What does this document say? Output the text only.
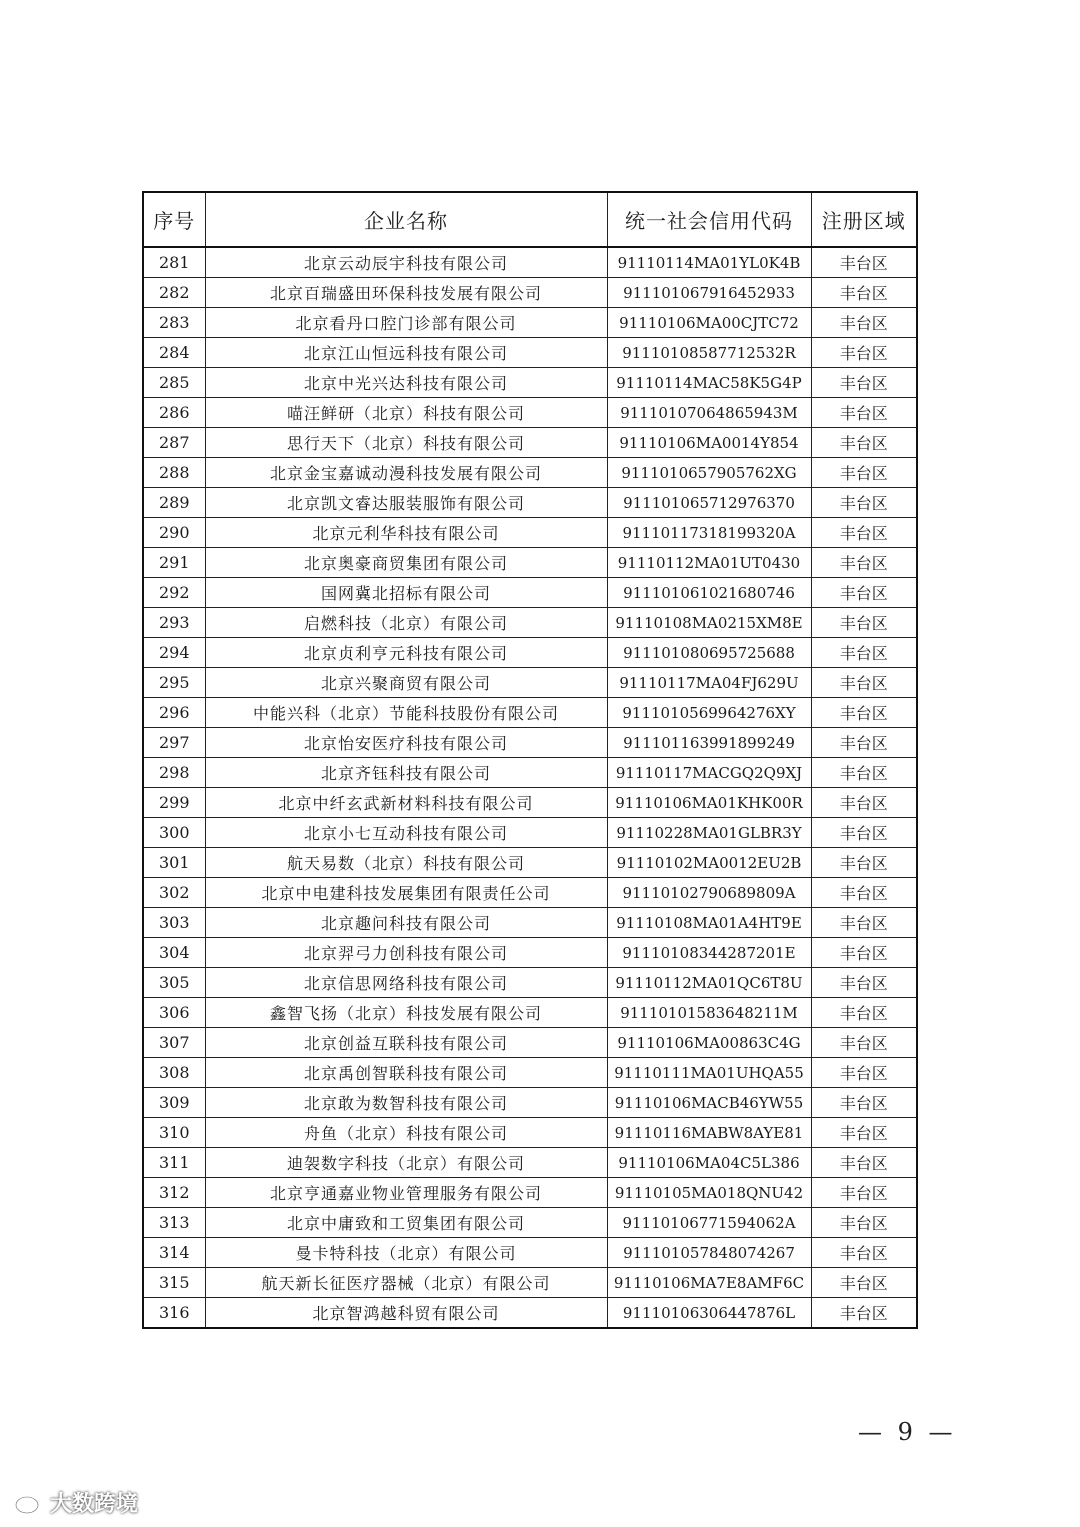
序号	企业名称	统一社会信用代码	注册区域
281	北京云动辰宇科技有限公司	91110114MA01YL0K4B	丰台区
282	北京百瑞盛田环保科技发展有限公司	911101067916452933	丰台区
283	北京看丹口腔门诊部有限公司	91110106MA00CJTC72	丰台区
284	北京江山恒远科技有限公司	91110108587712532R	丰台区
285	北京中光兴达科技有限公司	91110114MAC58K5G4P	丰台区
286	喵汪鲜研（北京）科技有限公司	91110107064865943M	丰台区
287	思行天下（北京）科技有限公司	91110106MA0014Y854	丰台区
288	北京金宝嘉诚动漫科技发展有限公司	9111010657905762XG	丰台区
289	北京凯文睿达服装服饰有限公司	911101065712976370	丰台区
290	北京元利华科技有限公司	91110117318199320A	丰台区
291	北京奥豪商贸集团有限公司	91110112MA01UT0430	丰台区
292	国网冀北招标有限公司	911101061021680746	丰台区
293	启燃科技（北京）有限公司	91110108MA0215XM8E	丰台区
294	北京贞利亨元科技有限公司	911101080695725688	丰台区
295	北京兴聚商贸有限公司	91110117MA04FJ629U	丰台区
296	中能兴科（北京）节能科技股份有限公司	9111010569964276XY	丰台区
297	北京怡安医疗科技有限公司	911101163991899249	丰台区
298	北京齐钰科技有限公司	91110117MACGQ2Q9XJ	丰台区
299	北京中纤玄武新材料科技有限公司	91110106MA01KHK00R	丰台区
300	北京小七互动科技有限公司	91110228MA01GLBR3Y	丰台区
301	航天易数（北京）科技有限公司	91110102MA0012EU2B	丰台区
302	北京中电建科技发展集团有限责任公司	91110102790689809A	丰台区
303	北京趣问科技有限公司	91110108MA01A4HT9E	丰台区
304	北京羿弓力创科技有限公司	91110108344287201E	丰台区
305	北京信思网络科技有限公司	91110112MA01QC6T8U	丰台区
306	鑫智飞扬（北京）科技发展有限公司	91110101583648211M	丰台区
307	北京创益互联科技有限公司	91110106MA00863C4G	丰台区
308	北京禹创智联科技有限公司	91110111MA01UHQA55	丰台区
309	北京敢为数智科技有限公司	91110106MACB46YW55	丰台区
310	舟鱼（北京）科技有限公司	91110116MABW8AYE81	丰台区
311	迪袈数字科技（北京）有限公司	91110106MA04C5L386	丰台区
312	北京亨通嘉业物业管理服务有限公司	91110105MA018QNU42	丰台区
313	北京中庸致和工贸集团有限公司	91110106771594062A	丰台区
314	曼卡特科技（北京）有限公司	911101057848074267	丰台区
315	航天新长征医疗器械（北京）有限公司	91110106MA7E8AMF6C	丰台区
316	北京智鸿越科贸有限公司	91110106306447876L	丰台区
— 9 —
大数跨境
